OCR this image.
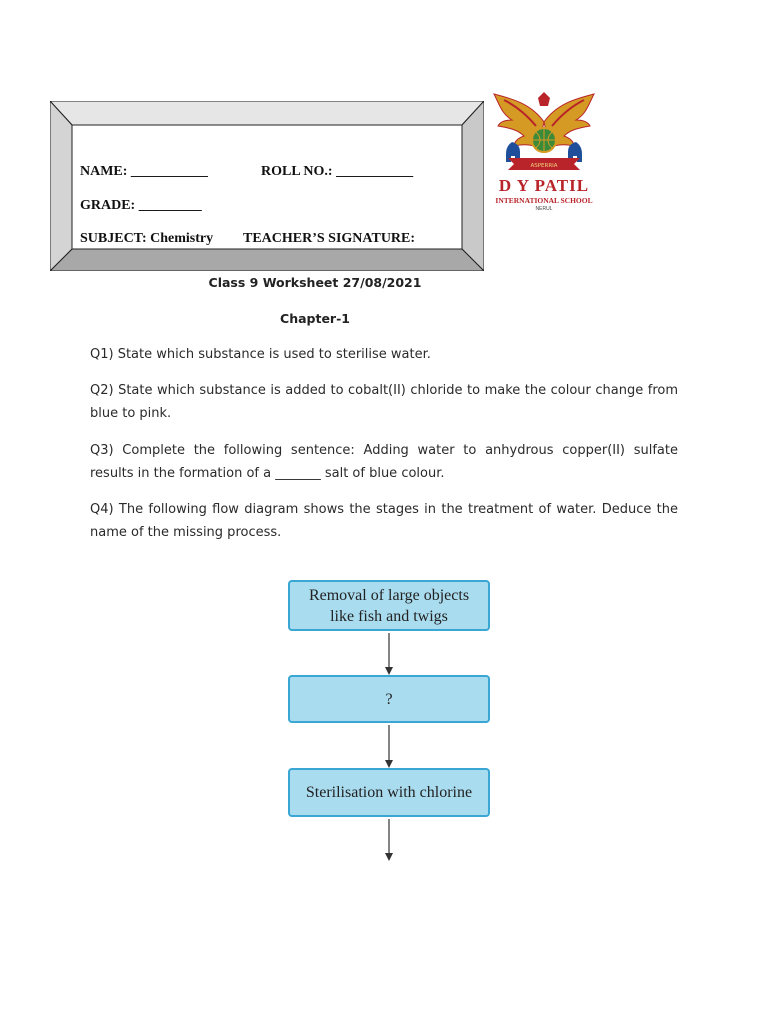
NAME: ___________	ROLL NO.: ___________
GRADE: _________
SUBJECT: Chemistry TEACHER’S SIGNATURE:
ASPERRIA
D Y PATIL
INTERNATIONAL SCHOOL
NERUL
Class 9 Worksheet 27/08/2021
Chapter-1
Q1) State which substance is used to sterilise water.
Q2) State which substance is added to cobalt(II) chloride to make the colour change from blue to pink.
Q3) Complete the following sentence: Adding water to anhydrous copper(II) sulfate results in the formation of a _______ salt of blue colour.
Q4) The following flow diagram shows the stages in the treatment of water. Deduce the name of the missing process.
Removal of large objects like fish and twigs
?
Sterilisation with chlorine
